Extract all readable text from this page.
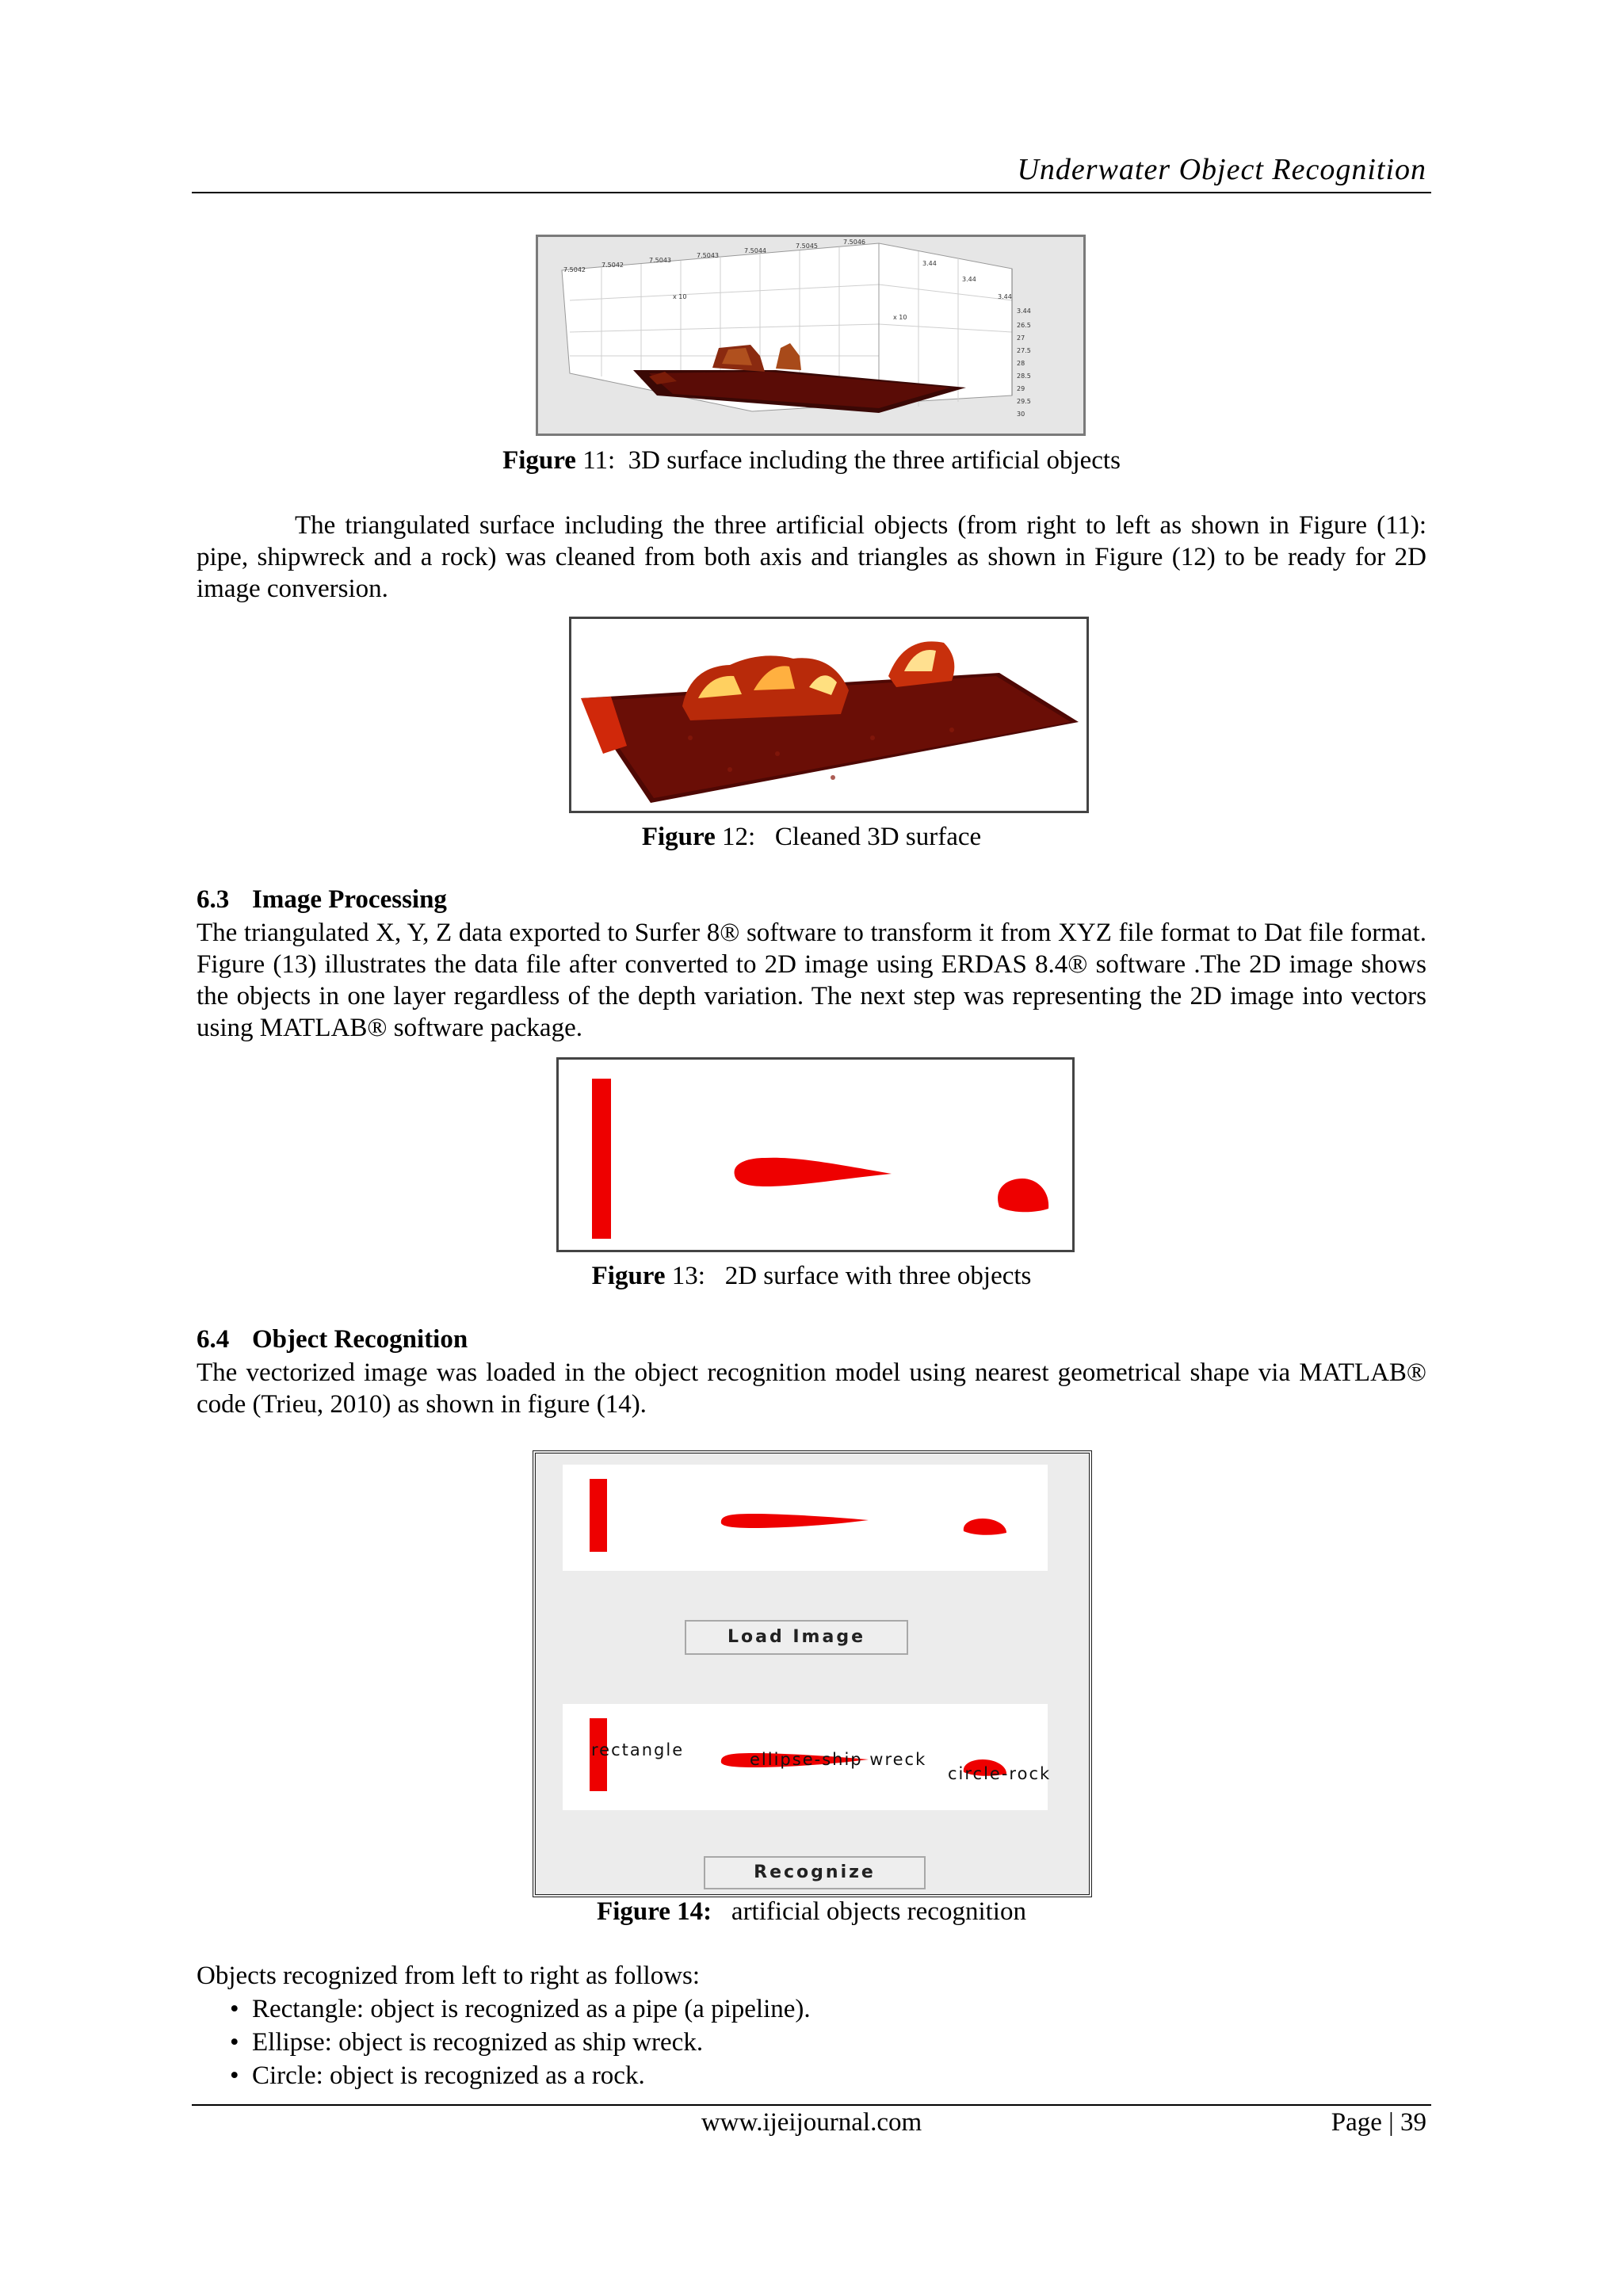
Underwater Object Recognition
x 10
x 10
7.5042
7.5042
7.5043
7.5043
7.5044
7.5045
7.5046
3.44
3.44
3.44
3.44
26.5
27
27.5
28
28.5
29
29.5
30
Figure 11: 3D surface including the three artificial objects
The triangulated surface including the three artificial objects (from right to left as shown in Figure (11): pipe, shipwreck and a rock) was cleaned from both axis and triangles as shown in Figure (12) to be ready for 2D image conversion.
Figure 12: Cleaned 3D surface
6.3 Image Processing
The triangulated X, Y, Z data exported to Surfer 8® software to transform it from XYZ file format to Dat file format. Figure (13) illustrates the data file after converted to 2D image using ERDAS 8.4® software .The 2D image shows the objects in one layer regardless of the depth variation. The next step was representing the 2D image into vectors using MATLAB® software package.
Figure 13: 2D surface with three objects
6.4 Object Recognition
The vectorized image was loaded in the object recognition model using nearest geometrical shape via MATLAB® code (Trieu, 2010) as shown in figure (14).
Load Image
rectangle	ellipse-ship wreck
circle-rock
Recognize
Figure 14: artificial objects recognition
Objects recognized from left to right as follows:
• Rectangle: object is recognized as a pipe (a pipeline).
• Ellipse: object is recognized as ship wreck.
• Circle: object is recognized as a rock.
www.ijeijournal.com	Page | 39
